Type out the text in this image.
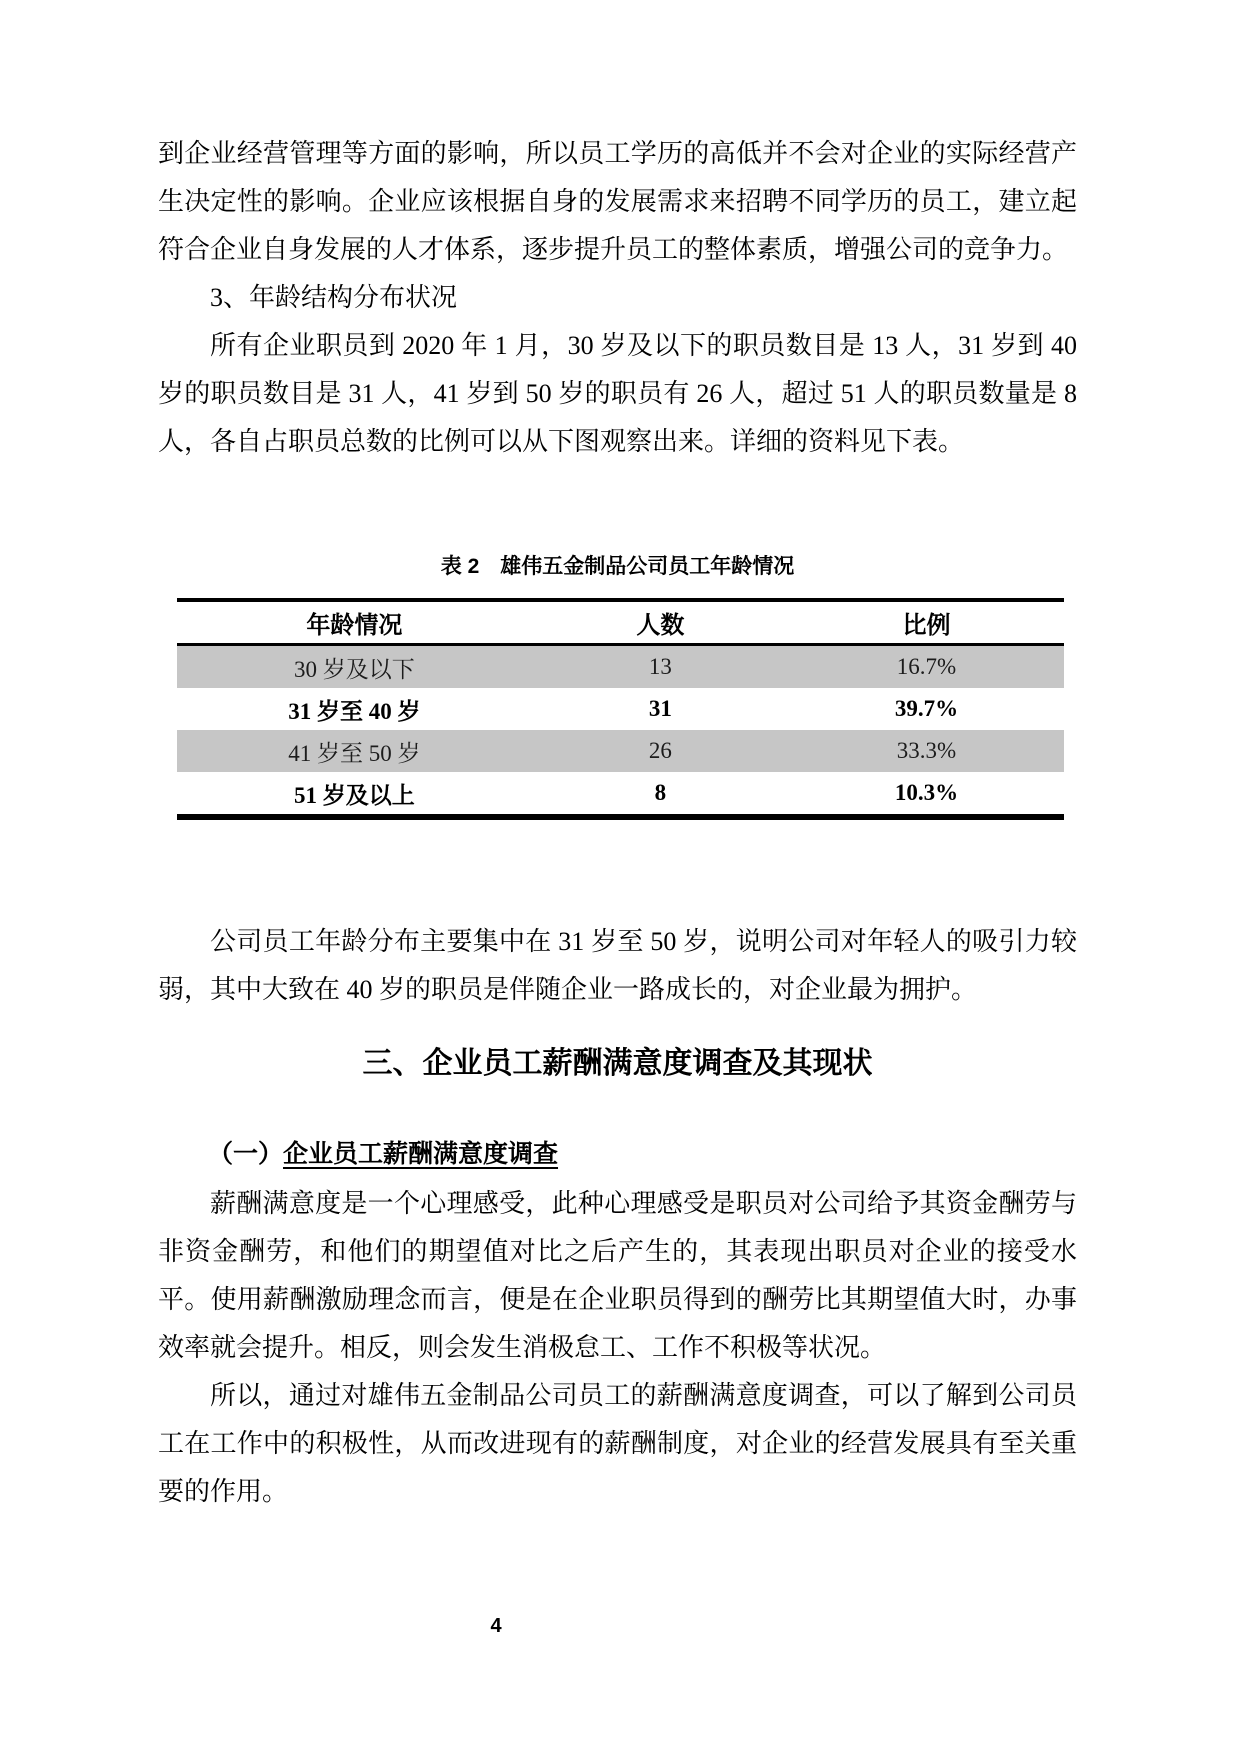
到企业经营管理等方面的影响，所以员工学历的高低并不会对企业的实际经营产生决定性的影响。企业应该根据自身的发展需求来招聘不同学历的员工，建立起符合企业自身发展的人才体系，逐步提升员工的整体素质，增强公司的竞争力。

3、年龄结构分布状况

所有企业职员到 2020 年 1 月，30 岁及以下的职员数目是 13 人，31 岁到 40 岁的职员数目是 31 人，41 岁到 50 岁的职员有 26 人，超过 51 人的职员数量是 8 人，各自占职员总数的比例可以从下图观察出来。详细的资料见下表。

表 2　雄伟五金制品公司员工年龄情况
年龄情况	人数	比例
30 岁及以下	13	16.7%
31 岁至 40 岁	31	39.7%
41 岁至 50 岁	26	33.3%
51 岁及以上	8	10.3%

公司员工年龄分布主要集中在 31 岁至 50 岁，说明公司对年轻人的吸引力较弱，其中大致在 40 岁的职员是伴随企业一路成长的，对企业最为拥护。

三、企业员工薪酬满意度调查及其现状
（一）企业员工薪酬满意度调查

薪酬满意度是一个心理感受，此种心理感受是职员对公司给予其资金酬劳与非资金酬劳，和他们的期望值对比之后产生的，其表现出职员对企业的接受水平。使用薪酬激励理念而言，便是在企业职员得到的酬劳比其期望值大时，办事效率就会提升。相反，则会发生消极怠工、工作不积极等状况。

所以，通过对雄伟五金制品公司员工的薪酬满意度调查，可以了解到公司员工在工作中的积极性，从而改进现有的薪酬制度，对企业的经营发展具有至关重要的作用。

4
